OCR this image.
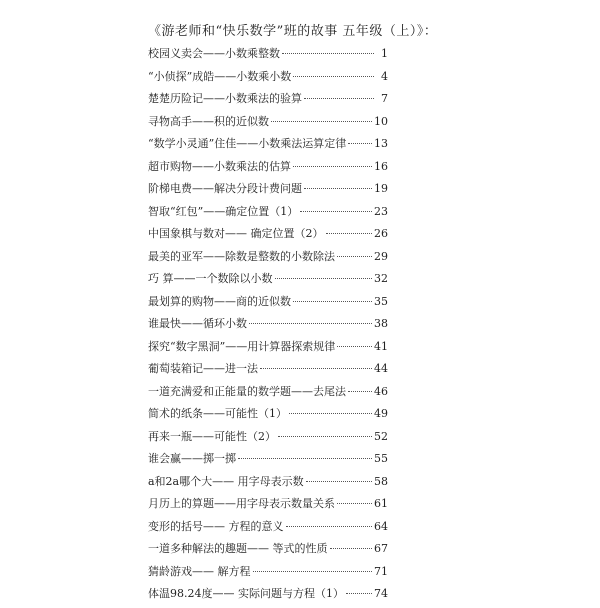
《游老师和“快乐数学”班的故事 五年级（上）》：
校园义卖会——小数乘整数	1
“小侦探”成皓——小数乘小数	4
楚楚历险记——小数乘法的验算	7
寻物高手——积的近似数	10
“数学小灵通”住佳——小数乘法运算定律	13
超市购物——小数乘法的估算	16
阶梯电费——解决分段计费问题	19
智取“红包”——确定位置（1）	23
中国象棋与数对—— 确定位置（2）	26
最美的亚军——除数是整数的小数除法	29
巧 算——一个数除以小数	32
最划算的购物——商的近似数	35
谁最快——循环小数	38
探究“数字黑洞”——用计算器探索规律	41
葡萄装箱记——进一法	44
一道充满爱和正能量的数学题——去尾法	46
简术的纸条——可能性（1）	49
再来一瓶——可能性（2）	52
谁会赢——掷一掷	55
a和2a哪个大—— 用字母表示数	58
月历上的算题——用字母表示数量关系	61
变形的括号—— 方程的意义	64
一道多种解法的趣题—— 等式的性质	67
猜龄游戏—— 解方程	71
体温98.24度—— 实际问题与方程（1）	74
